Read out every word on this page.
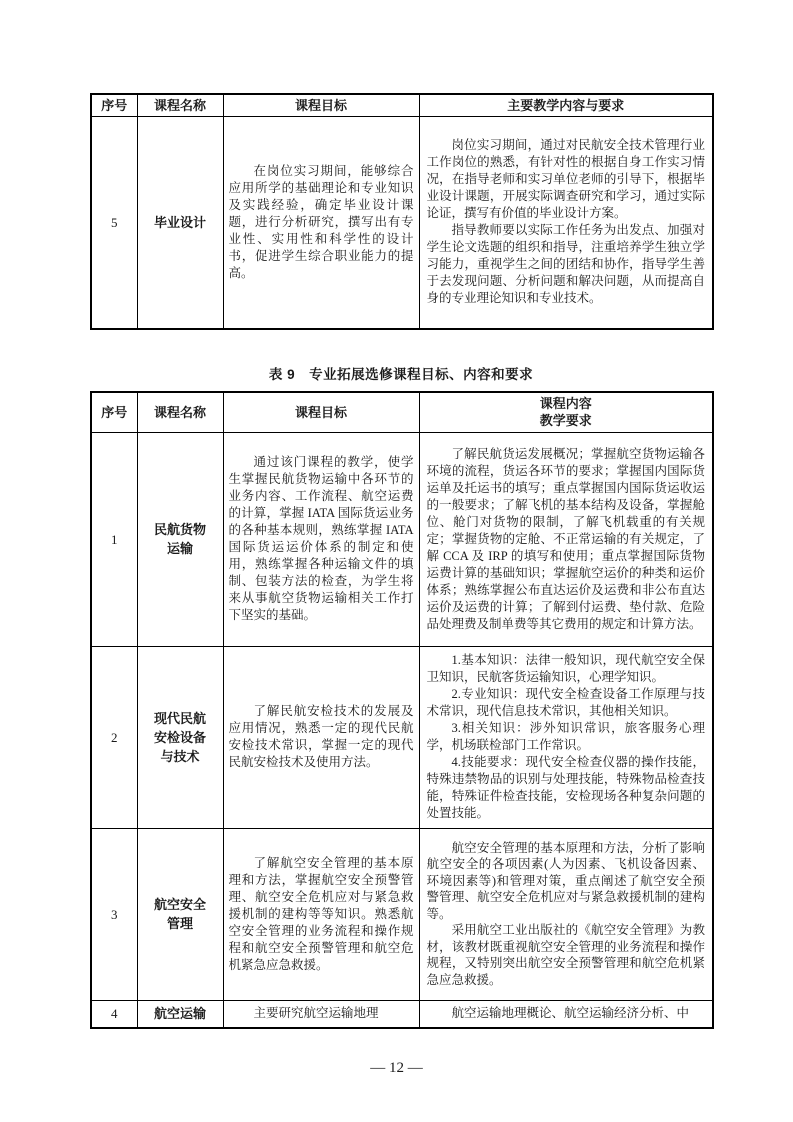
序号	课程名称	课程目标	主要教学内容与要求
5	毕业设计	在岗位实习期间，能够综合应用所学的基础理论和专业知识及实践经验，确定毕业设计课题，进行分析研究，撰写出有专业性、实用性和科学性的设计书，促进学生综合职业能力的提高。	岗位实习期间，通过对民航安全技术管理行业工作岗位的熟悉，有针对性的根据自身工作实习情况，在指导老师和实习单位老师的引导下，根据毕业设计课题，开展实际调查研究和学习，通过实际论证，撰写有价值的毕业设计方案。

指导教师要以实际工作任务为出发点、加强对学生论文选题的组织和指导，注重培养学生独立学习能力，重视学生之间的团结和协作，指导学生善于去发现问题、分析问题和解决问题，从而提高自身的专业理论知识和专业技术。

表 9　专业拓展选修课程目标、内容和要求
序号	课程名称	课程目标	课程内容
教学要求

1	民航货物运输	通过该门课程的教学，使学生掌握民航货物运输中各环节的业务内容、工作流程、航空运费的计算，掌握 IATA 国际货运业务的各种基本规则，熟练掌握 IATA 国际货运运价体系的制定和使用，熟练掌握各种运输文件的填制、包装方法的检查，为学生将来从事航空货物运输相关工作打下坚实的基础。	了解民航货运发展概况；掌握航空货物运输各环境的流程，货运各环节的要求；掌握国内国际货运单及托运书的填写；重点掌握国内国际货运收运的一般要求；了解飞机的基本结构及设备，掌握舱位、舱门对货物的限制，了解飞机载重的有关规定；掌握货物的定舱、不正常运输的有关规定，了解 CCA 及 IRP 的填写和使用；重点掌握国际货物运费计算的基础知识；掌握航空运价的种类和运价体系；熟练掌握公布直达运价及运费和非公布直达运价及运费的计算；了解到付运费、垫付款、危险品处理费及制单费等其它费用的规定和计算方法。

2	现代民航安检设备与技术	了解民航安检技术的发展及应用情况，熟悉一定的现代民航安检技术常识，掌握一定的现代民航安检技术及使用方法。	1.基本知识：法律一般知识，现代航空安全保卫知识，民航客货运输知识，心理学知识。

2.专业知识：现代安全检查设备工作原理与技术常识，现代信息技术常识，其他相关知识。

3.相关知识：涉外知识常识，旅客服务心理学，机场联检部门工作常识。

4.技能要求：现代安全检查仪器的操作技能，特殊违禁物品的识别与处理技能，特殊物品检查技能，特殊证件检查技能，安检现场各种复杂问题的处置技能。

3	航空安全管理	了解航空安全管理的基本原理和方法，掌握航空安全预警管理、航空安全危机应对与紧急救援机制的建构等等知识。熟悉航空安全管理的业务流程和操作规程和航空安全预警管理和航空危机紧急应急救援。	航空安全管理的基本原理和方法，分析了影响航空安全的各项因素(人为因素、飞机设备因素、环境因素等)和管理对策，重点阐述了航空安全预警管理、航空安全危机应对与紧急救援机制的建构等。

采用航空工业出版社的《航空安全管理》为教材，该教材既重视航空安全管理的业务流程和操作规程，又特别突出航空安全预警管理和航空危机紧急应急救援。

4	航空运输	主要研究航空运输地理	航空运输地理概论、航空运输经济分析、中

— 12 —
